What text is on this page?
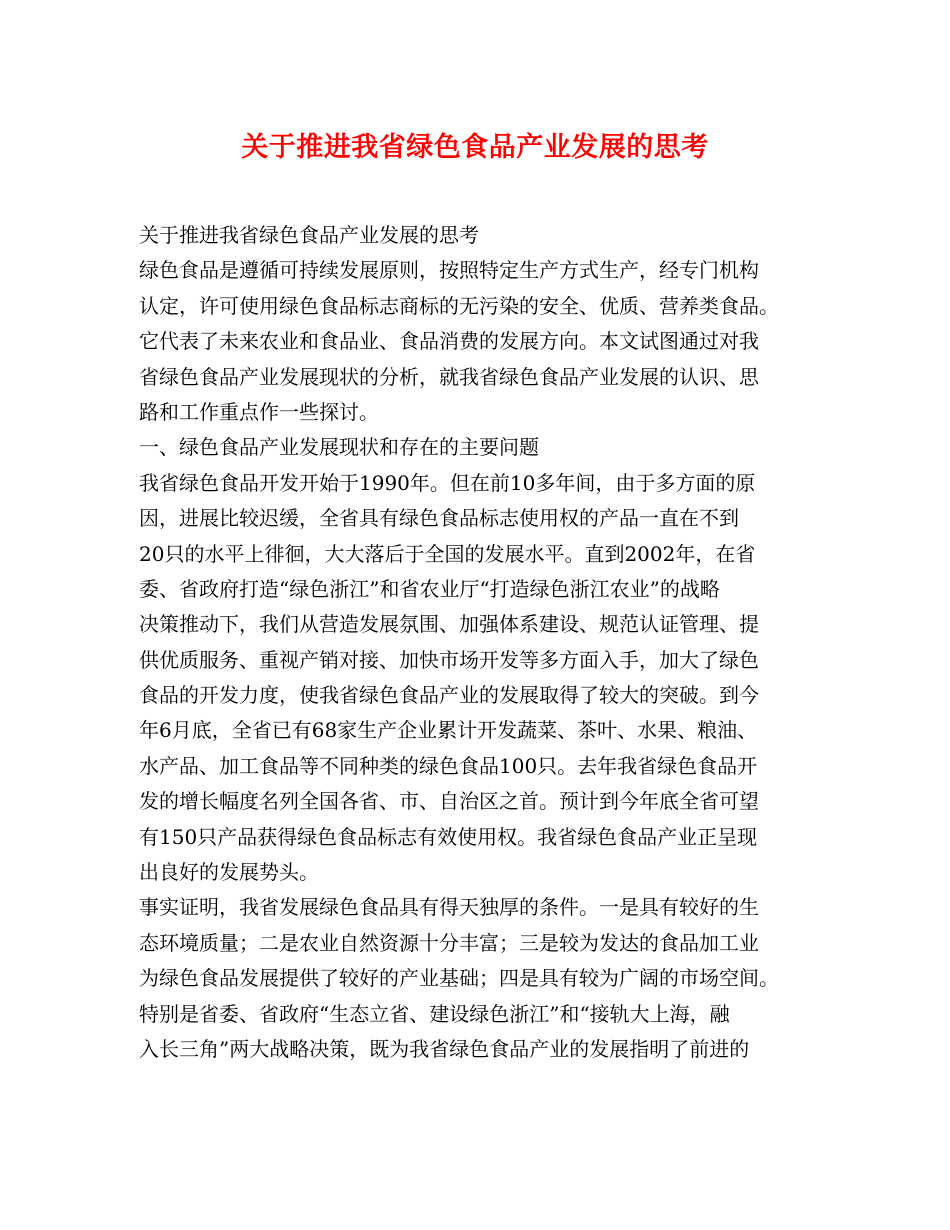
关于推进我省绿色食品产业发展的思考
关于推进我省绿色食品产业发展的思考
绿色食品是遵循可持续发展原则，按照特定生产方式生产，经专门机构
认定，许可使用绿色食品标志商标的无污染的安全、优质、营养类食品。
它代表了未来农业和食品业、食品消费的发展方向。本文试图通过对我
省绿色食品产业发展现状的分析，就我省绿色食品产业发展的认识、思
路和工作重点作一些探讨。
一、绿色食品产业发展现状和存在的主要问题
我省绿色食品开发开始于1990年。但在前10多年间，由于多方面的原
因，进展比较迟缓，全省具有绿色食品标志使用权的产品一直在不到
20只的水平上徘徊，大大落后于全国的发展水平。直到2002年，在省
委、省政府打造“绿色浙江”和省农业厅“打造绿色浙江农业”的战略
决策推动下，我们从营造发展氛围、加强体系建设、规范认证管理、提
供优质服务、重视产销对接、加快市场开发等多方面入手，加大了绿色
食品的开发力度，使我省绿色食品产业的发展取得了较大的突破。到今
年6月底，全省已有68家生产企业累计开发蔬菜、茶叶、水果、粮油、
水产品、加工食品等不同种类的绿色食品100只。去年我省绿色食品开
发的增长幅度名列全国各省、市、自治区之首。预计到今年底全省可望
有150只产品获得绿色食品标志有效使用权。我省绿色食品产业正呈现
出良好的发展势头。
事实证明，我省发展绿色食品具有得天独厚的条件。一是具有较好的生
态环境质量；二是农业自然资源十分丰富；三是较为发达的食品加工业
为绿色食品发展提供了较好的产业基础；四是具有较为广阔的市场空间。
特别是省委、省政府“生态立省、建设绿色浙江”和“接轨大上海，融
入长三角”两大战略决策，既为我省绿色食品产业的发展指明了前进的
